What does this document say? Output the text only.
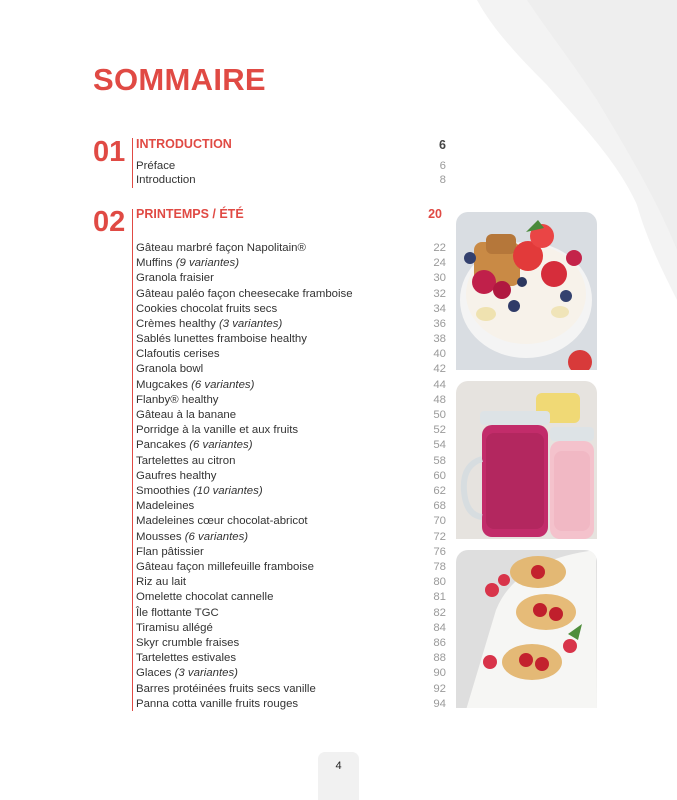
SOMMAIRE
01 INTRODUCTION	6
Préface	6
Introduction	8
02 PRINTEMPS / ÉTÉ	20
Gâteau marbré façon Napolitain®	22
Muffins (9 variantes)	24
Granola fraisier	30
Gâteau paléo façon cheesecake framboise	32
Cookies chocolat fruits secs	34
Crèmes healthy (3 variantes)	36
Sablés lunettes framboise healthy	38
Clafoutis cerises	40
Granola bowl	42
Mugcakes (6 variantes)	44
Flanby® healthy	48
Gâteau à la banane	50
Porridge à la vanille et aux fruits	52
Pancakes (6 variantes)	54
Tartelettes au citron	58
Gaufres healthy	60
Smoothies (10 variantes)	62
Madeleines	68
Madeleines cœur chocolat-abricot	70
Mousses (6 variantes)	72
Flan pâtissier	76
Gâteau façon millefeuille framboise	78
Riz au lait	80
Omelette chocolat cannelle	81
Île flottante TGC	82
Tiramisu allégé	84
Skyr crumble fraises	86
Tartelettes estivales	88
Glaces (3 variantes)	90
Barres protéinées fruits secs vanille	92
Panna cotta vanille fruits rouges	94
4
